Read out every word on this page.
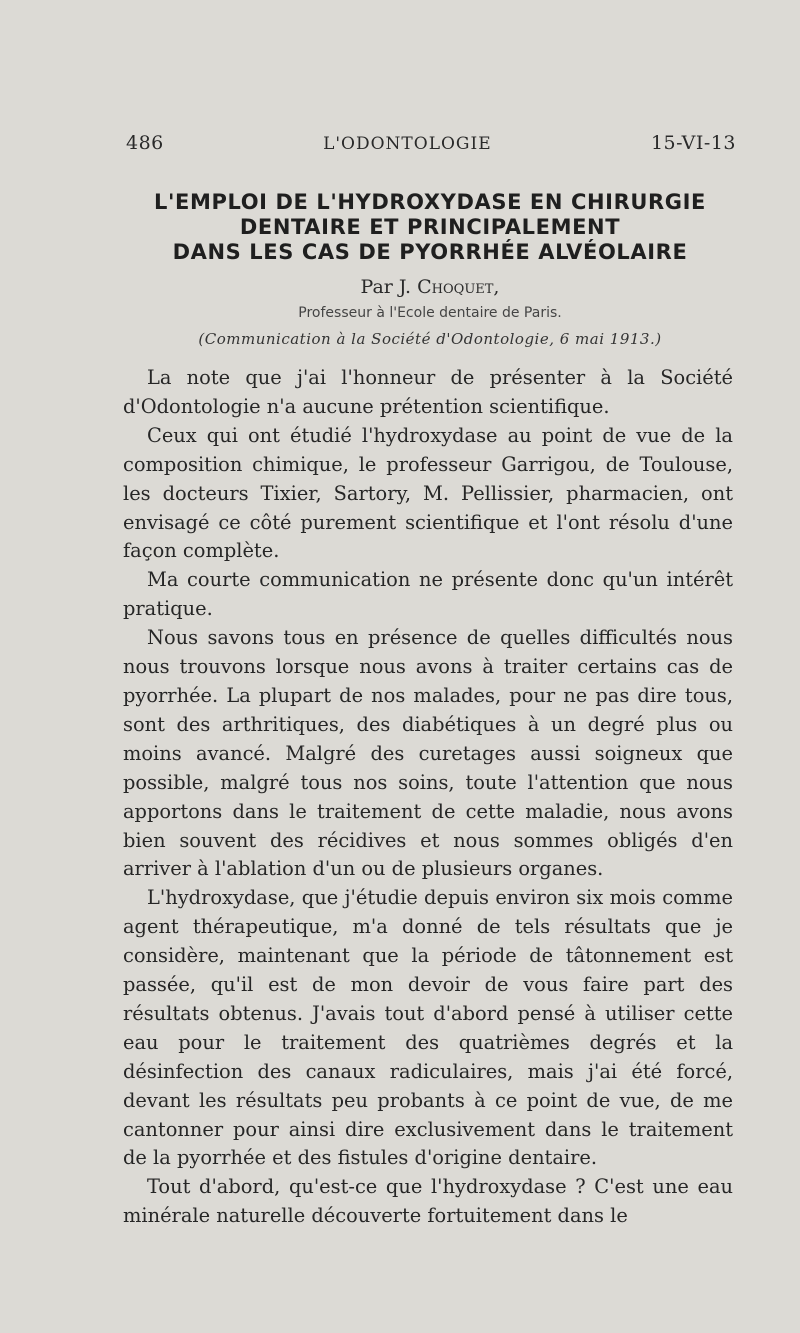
486	L'ODONTOLOGIE	15-VI-13
L'EMPLOI DE L'HYDROXYDASE EN CHIRURGIE
DENTAIRE ET PRINCIPALEMENT
DANS LES CAS DE PYORRHÉE ALVÉOLAIRE
Par J. Choquet,
Professeur à l'Ecole dentaire de Paris.
(Communication à la Société d'Odontologie, 6 mai 1913.)

La note que j'ai l'honneur de présenter à la Société d'Odontologie n'a aucune prétention scientifique.

Ceux qui ont étudié l'hydroxydase au point de vue de la composition chimique, le professeur Garrigou, de Toulouse, les docteurs Tixier, Sartory, M. Pellissier, pharmacien, ont envisagé ce côté purement scientifique et l'ont résolu d'une façon complète.

Ma courte communication ne présente donc qu'un intérêt pratique.

Nous savons tous en présence de quelles difficultés nous nous trouvons lorsque nous avons à traiter certains cas de pyorrhée. La plupart de nos malades, pour ne pas dire tous, sont des arthritiques, des diabétiques à un degré plus ou moins avancé. Malgré des curetages aussi soigneux que possible, malgré tous nos soins, toute l'attention que nous apportons dans le traitement de cette maladie, nous avons bien souvent des récidives et nous sommes obligés d'en arriver à l'ablation d'un ou de plusieurs organes.

L'hydroxydase, que j'étudie depuis environ six mois comme agent thérapeutique, m'a donné de tels résultats que je considère, maintenant que la période de tâtonnement est passée, qu'il est de mon devoir de vous faire part des résultats obtenus. J'avais tout d'abord pensé à utiliser cette eau pour le traitement des quatrièmes degrés et la désinfection des canaux radiculaires, mais j'ai été forcé, devant les résultats peu probants à ce point de vue, de me cantonner pour ainsi dire exclusivement dans le traitement de la pyorrhée et des fistules d'origine dentaire.

Tout d'abord, qu'est-ce que l'hydroxydase ? C'est une eau minérale naturelle découverte fortuitement dans le
